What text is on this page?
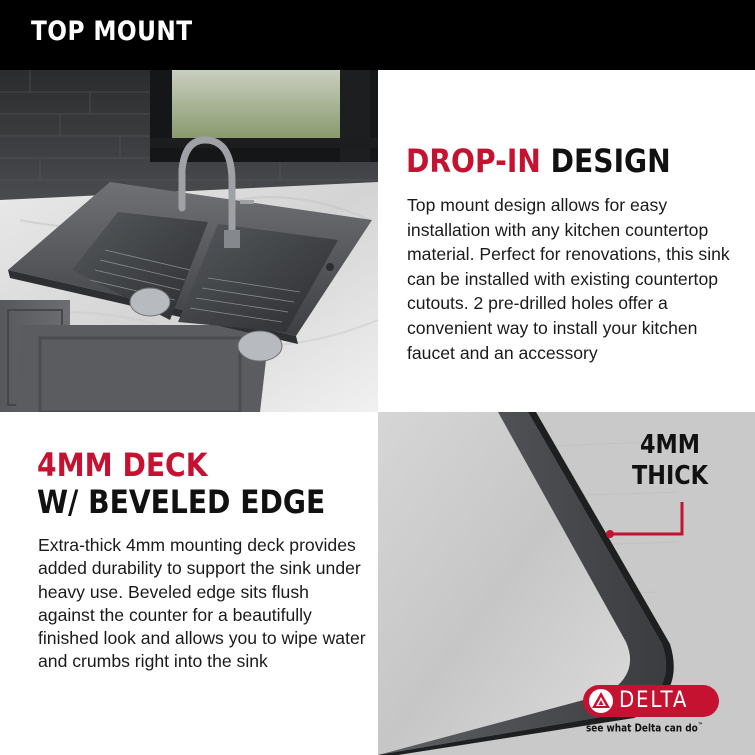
TOP MOUNT
DROP-IN DESIGN
Top mount design allows for easy installation with any kitchen countertop material. Perfect for renovations, this sink can be installed with existing countertop cutouts. 2 pre-drilled holes offer a convenient way to install your kitchen faucet and an accessory
4MM DECK
W/ BEVELED EDGE
Extra-thick 4mm mounting deck provides added durability to support the sink under heavy use. Beveled edge sits flush against the counter for a beautifully finished look and allows you to wipe water and crumbs right into the sink
4MM
THICK
DELTA
see what Delta can do™
